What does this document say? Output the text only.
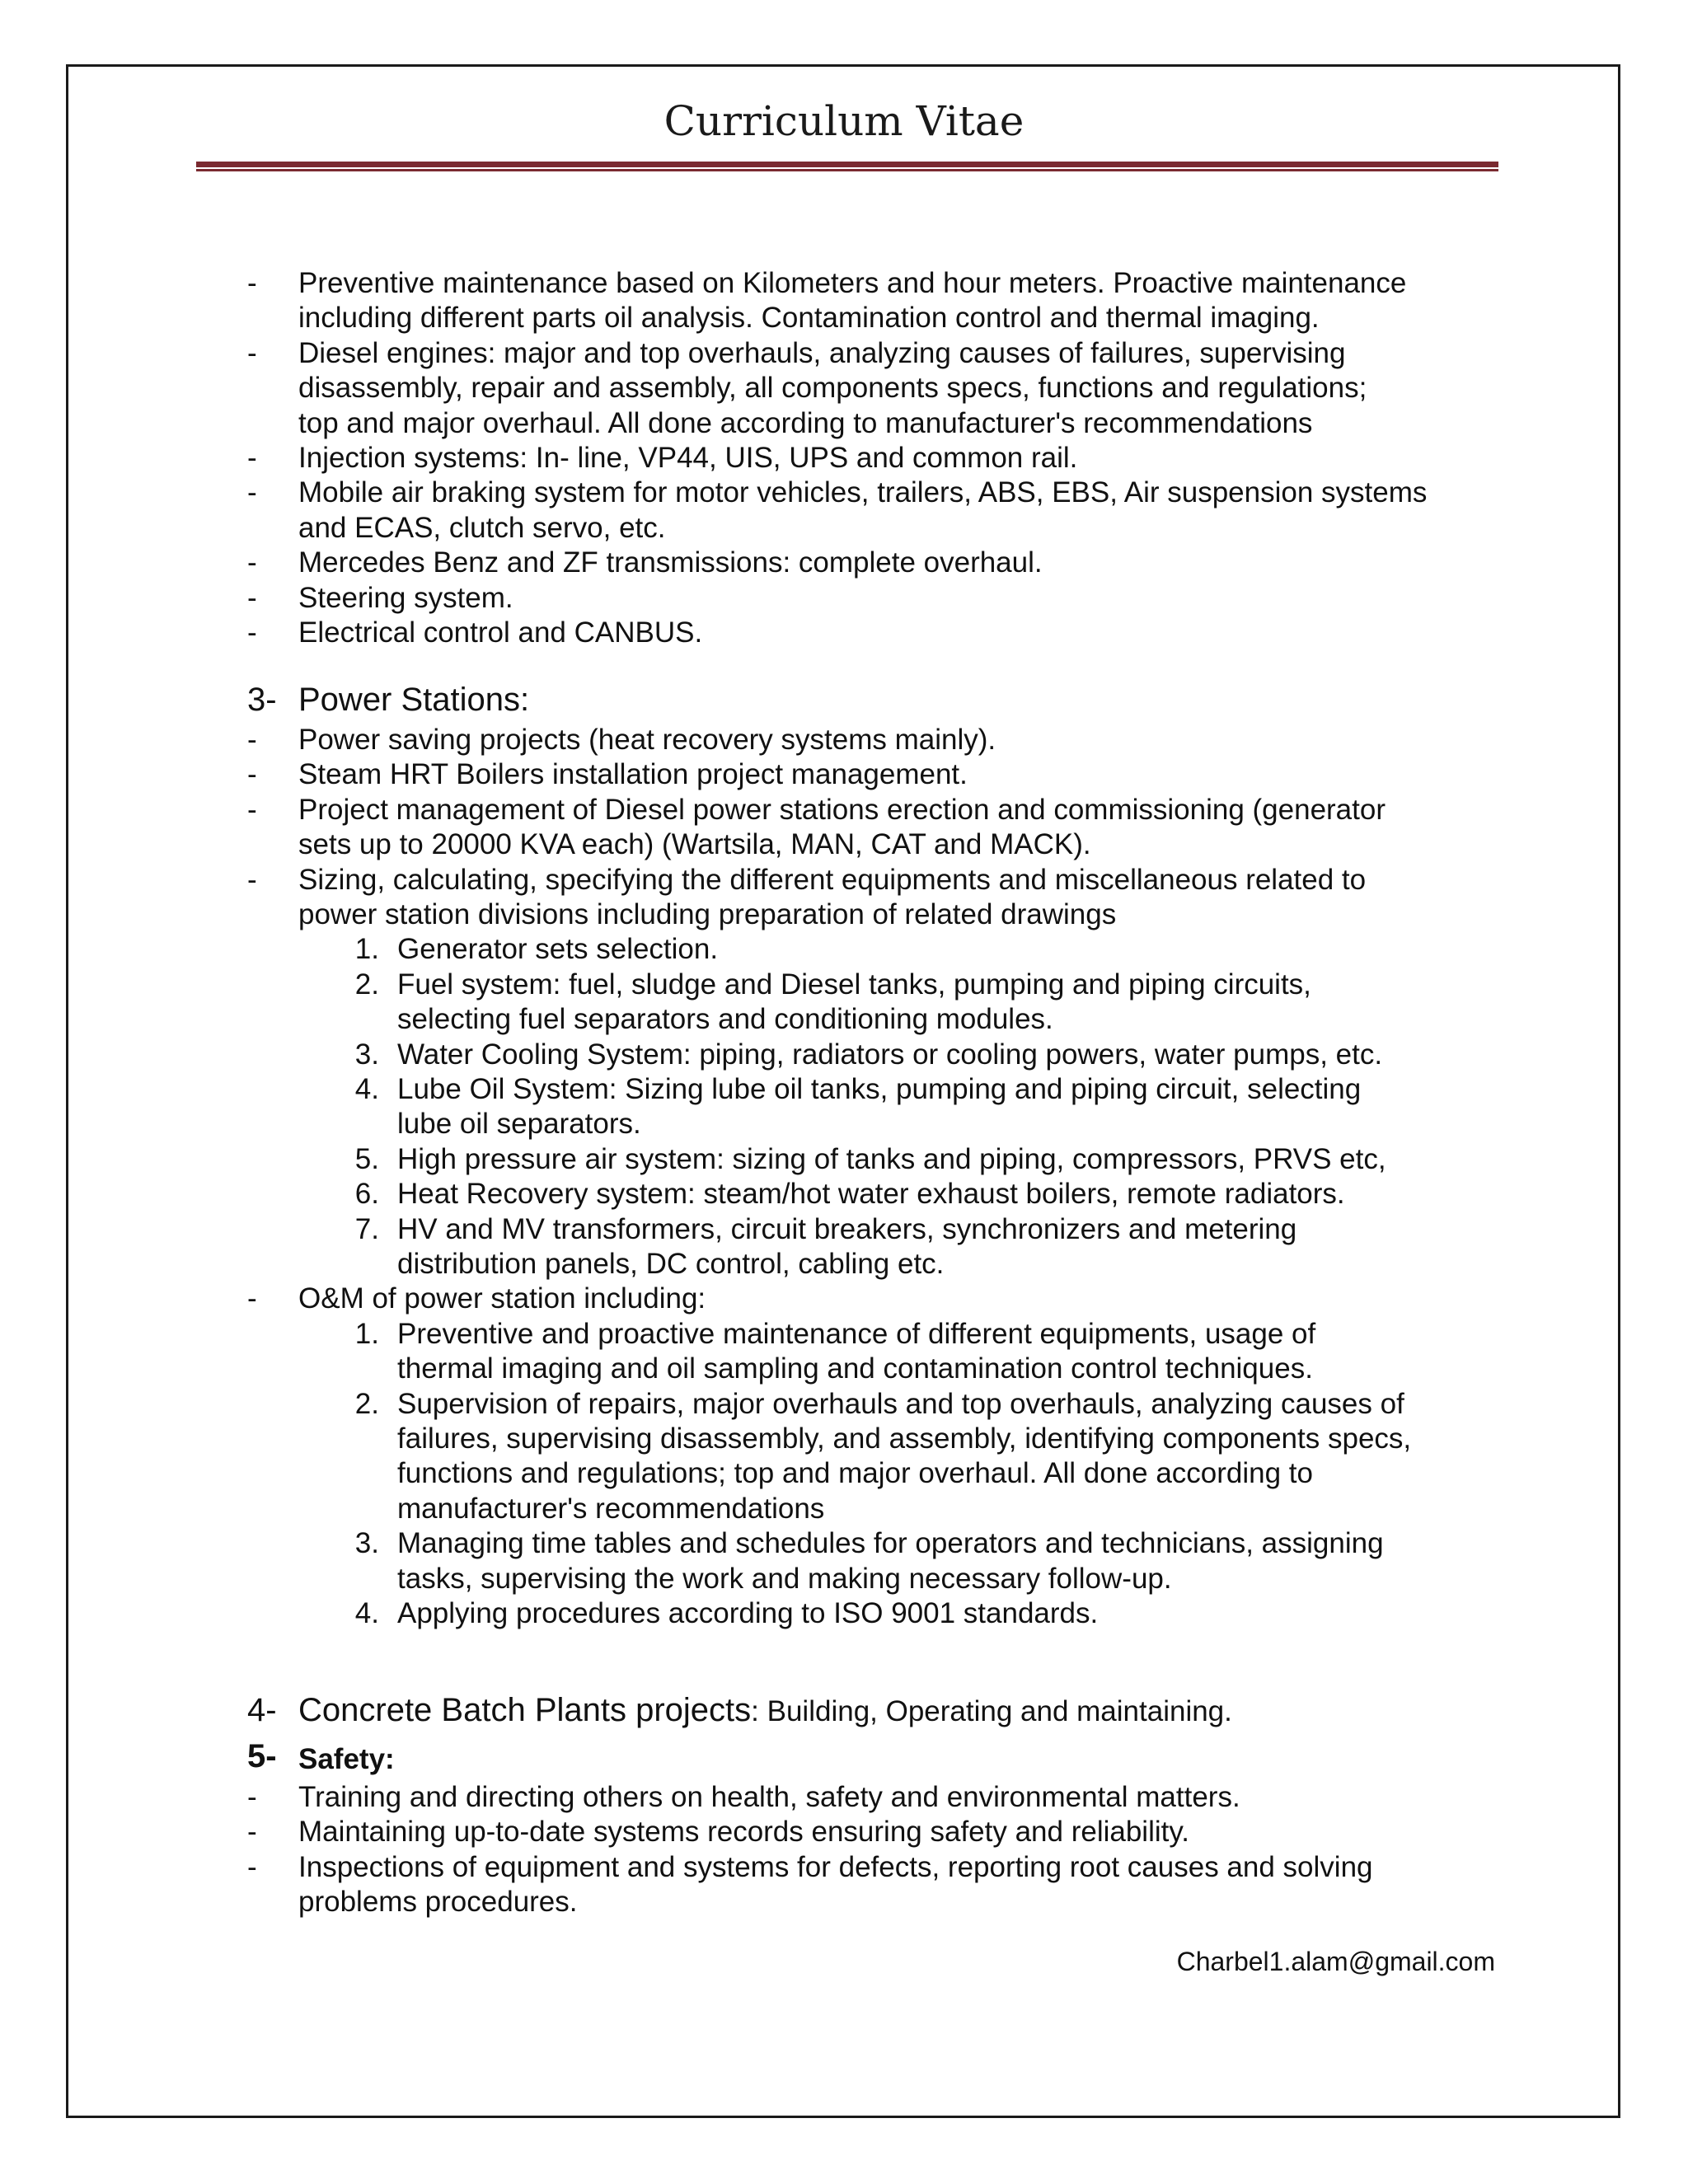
Curriculum Vitae
- Preventive maintenance based on Kilometers and hour meters. Proactive maintenance
including different parts oil analysis. Contamination control and thermal imaging.
- Diesel engines: major and top overhauls, analyzing causes of failures, supervising
disassembly, repair and assembly, all components specs, functions and regulations;
top and major overhaul. All done according to manufacturer's recommendations
- Injection systems: In- line, VP44, UIS, UPS and common rail.
- Mobile air braking system for motor vehicles, trailers, ABS, EBS, Air suspension systems
and ECAS, clutch servo, etc.
- Mercedes Benz and ZF transmissions: complete overhaul.
- Steering system.
- Electrical control and CANBUS.
3- Power Stations:
- Power saving projects (heat recovery systems mainly).
- Steam HRT Boilers installation project management.
- Project management of Diesel power stations erection and commissioning (generator
sets up to 20000 KVA each) (Wartsila, MAN, CAT and MACK).
- Sizing, calculating, specifying the different equipments and miscellaneous related to
power station divisions including preparation of related drawings
1. Generator sets selection.
2. Fuel system: fuel, sludge and Diesel tanks, pumping and piping circuits,
selecting fuel separators and conditioning modules.
3. Water Cooling System: piping, radiators or cooling powers, water pumps, etc.
4. Lube Oil System: Sizing lube oil tanks, pumping and piping circuit, selecting
lube oil separators.
5. High pressure air system: sizing of tanks and piping, compressors, PRVS etc,
6. Heat Recovery system: steam/hot water exhaust boilers, remote radiators.
7. HV and MV transformers, circuit breakers, synchronizers and metering
distribution panels, DC control, cabling etc.
- O&M of power station including:
1. Preventive and proactive maintenance of different equipments, usage of
thermal imaging and oil sampling and contamination control techniques.
2. Supervision of repairs, major overhauls and top overhauls, analyzing causes of
failures, supervising disassembly, and assembly, identifying components specs,
functions and regulations; top and major overhaul. All done according to
manufacturer's recommendations
3. Managing time tables and schedules for operators and technicians, assigning
tasks, supervising the work and making necessary follow-up.
4. Applying procedures according to ISO 9001 standards.
4- Concrete Batch Plants projects: Building, Operating and maintaining.
5- Safety:
- Training and directing others on health, safety and environmental matters.
- Maintaining up-to-date systems records ensuring safety and reliability.
- Inspections of equipment and systems for defects, reporting root causes and solving
problems procedures.
Charbel1.alam@gmail.com
